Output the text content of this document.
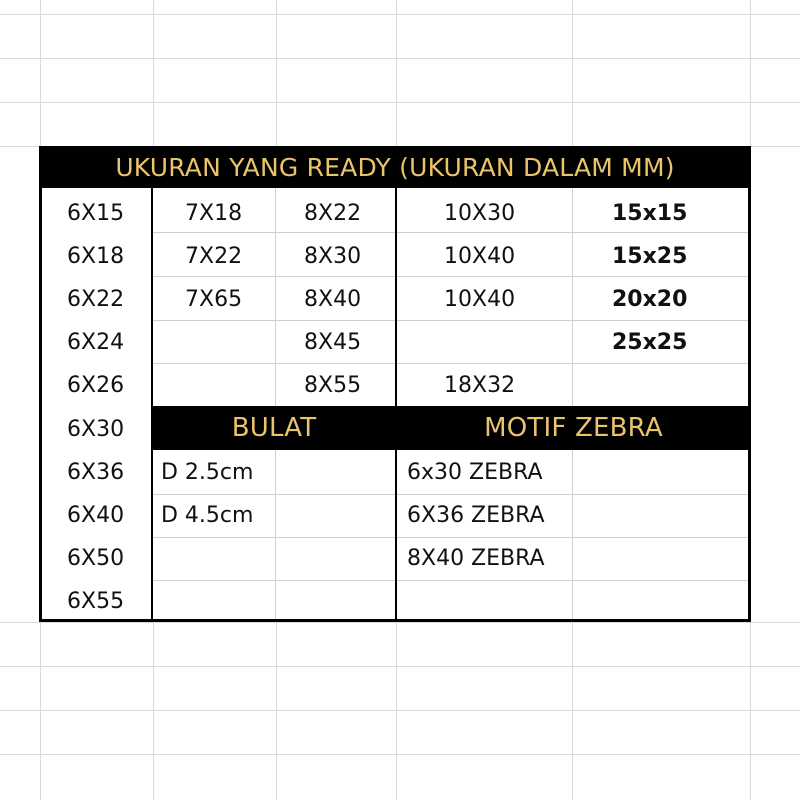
UKURAN YANG READY (UKURAN DALAM MM)
6X15
6X18
6X22
6X24
6X26
6X30
6X36
6X40
6X50
6X55
7X18
7X22
7X65
8X22
8X30
8X40
8X45
8X55
10X30
10X40
10X40
18X32
15x15
15x25
20x20
25x25
BULAT	MOTIF ZEBRA
D 2.5cm
D 4.5cm
6x30 ZEBRA
6X36 ZEBRA
8X40 ZEBRA
